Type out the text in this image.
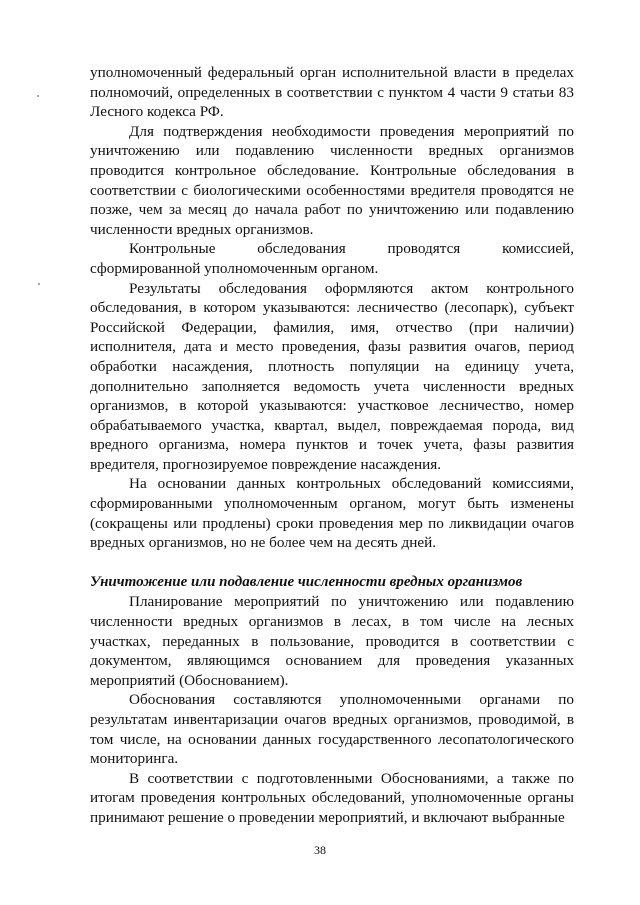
уполномоченный федеральный орган исполнительной власти в пределах полномочий, определенных в соответствии с пунктом 4 части 9 статьи 83 Лесного кодекса РФ.

Для подтверждения необходимости проведения мероприятий по уничтожению или подавлению численности вредных организмов проводится контрольное обследование. Контрольные обследования в соответствии с биологическими особенностями вредителя проводятся не позже, чем за месяц до начала работ по уничтожению или подавлению численности вредных организмов.

Контрольные обследования проводятся комиссией, сформированной уполномоченным органом.

Результаты обследования оформляются актом контрольного обследования, в котором указываются: лесничество (лесопарк), субъект Российской Федерации, фамилия, имя, отчество (при наличии) исполнителя, дата и место проведения, фазы развития очагов, период обработки насаждения, плотность популяции на единицу учета, дополнительно заполняется ведомость учета численности вредных организмов, в которой указываются: участковое лесничество, номер обрабатываемого участка, квартал, выдел, повреждаемая порода, вид вредного организма, номера пунктов и точек учета, фазы развития вредителя, прогнозируемое повреждение насаждения.

На основании данных контрольных обследований комиссиями, сформированными уполномоченным органом, могут быть изменены (сокращены или продлены) сроки проведения мер по ликвидации очагов вредных организмов, но не более чем на десять дней.

Уничтожение или подавление численности вредных организмов

Планирование мероприятий по уничтожению или подавлению численности вредных организмов в лесах, в том числе на лесных участках, переданных в пользование, проводится в соответствии с документом, являющимся основанием для проведения указанных мероприятий (Обоснованием).

Обоснования составляются уполномоченными органами по результатам инвентаризации очагов вредных организмов, проводимой, в том числе, на основании данных государственного лесопатологического мониторинга.

В соответствии с подготовленными Обоснованиями, а также по итогам проведения контрольных обследований, уполномоченные органы принимают решение о проведении мероприятий, и включают выбранные

38
